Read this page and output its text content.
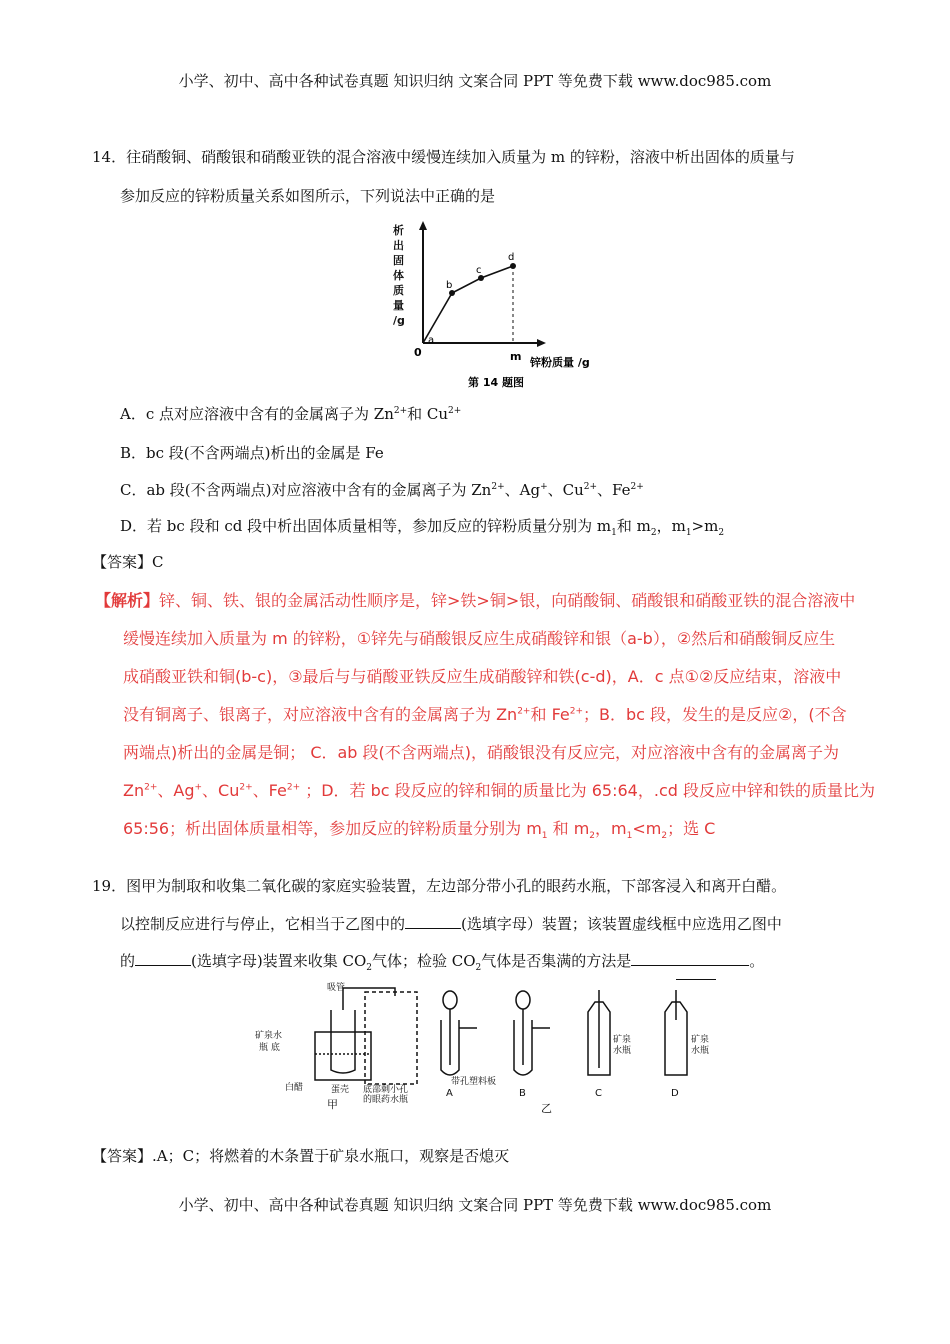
小学、初中、高中各种试卷真题 知识归纳 文案合同 PPT 等免费下载 www.doc985.com
14．往硝酸铜、硝酸银和硝酸亚铁的混合溶液中缓慢连续加入质量为 m 的锌粉，溶液中析出固体的质量与
参加反应的锌粉质量关系如图所示，下列说法中正确的是
析
出
固
体
质
量
/g
0	m 锌粉质量 /g
a
b
c
d
第 14 题图
A．c 点对应溶液中含有的金属离子为 $Zn^{2+}$和 $Cu^{2+}$
B．bc 段(不含两端点)析出的金属是 Fe
C．ab 段(不含两端点)对应溶液中含有的金属离子为 $Zn^{2+}$、Ag+、$Cu^{2+}$、$Fe^{2+}$
D．若 bc 段和 cd 段中析出固体质量相等，参加反应的锌粉质量分别为 $m_1$和 $m_2$，$m_1>m_2$
【答案】C
【解析】锌、铜、铁、银的金属活动性顺序是，锌>铁>铜>银，向硝酸铜、硝酸银和硝酸亚铁的混合溶液中
缓慢连续加入质量为 m 的锌粉，①锌先与硝酸银反应生成硝酸锌和银（a-b），②然后和硝酸铜反应生
成硝酸亚铁和铜(b-c)，③最后与与硝酸亚铁反应生成硝酸锌和铁(c-d)，A．c 点①②反应结束，溶液中
没有铜离子、银离子，对应溶液中含有的金属离子为 $Zn^{2+}$和 $Fe^{2+}$；B．bc 段，发生的是反应②，(不含
两端点)析出的金属是铜； C．ab 段(不含两端点)，硝酸银没有反应完，对应溶液中含有的金属离子为
$Zn^{2+}$、Ag+、$Cu^{2+}$、$Fe^{2+}$ ；D．若 bc 段反应的锌和铜的质量比为 65:64，.cd 段反应中锌和铁的质量比为
65:56；析出固体质量相等，参加反应的锌粉质量分别为 $m_1$ 和 $m_2$，$m_1<m_2$；选 C
19．图甲为制取和收集二氧化碳的家庭实验装置，左边部分带小孔的眼药水瓶，下部客浸入和离开白醋。
以控制反应进行与停止，它相当于乙图中的	(选填字母）装置；该装置虚线框中应选用乙图中
的	(选填字母)装置来收集 $CO_2$气体；检验 $CO_2$气体是否集满的方法是	。
吸管
矿泉水
瓶 底
白醋	蛋壳 底部剩小孔
的眼药水瓶
甲
带孔塑料板
A	B	C	D
矿泉
水瓶
矿泉
水瓶
乙
【答案】.A；C；将燃着的木条置于矿泉水瓶口，观察是否熄灭
小学、初中、高中各种试卷真题 知识归纳 文案合同 PPT 等免费下载 www.doc985.com
